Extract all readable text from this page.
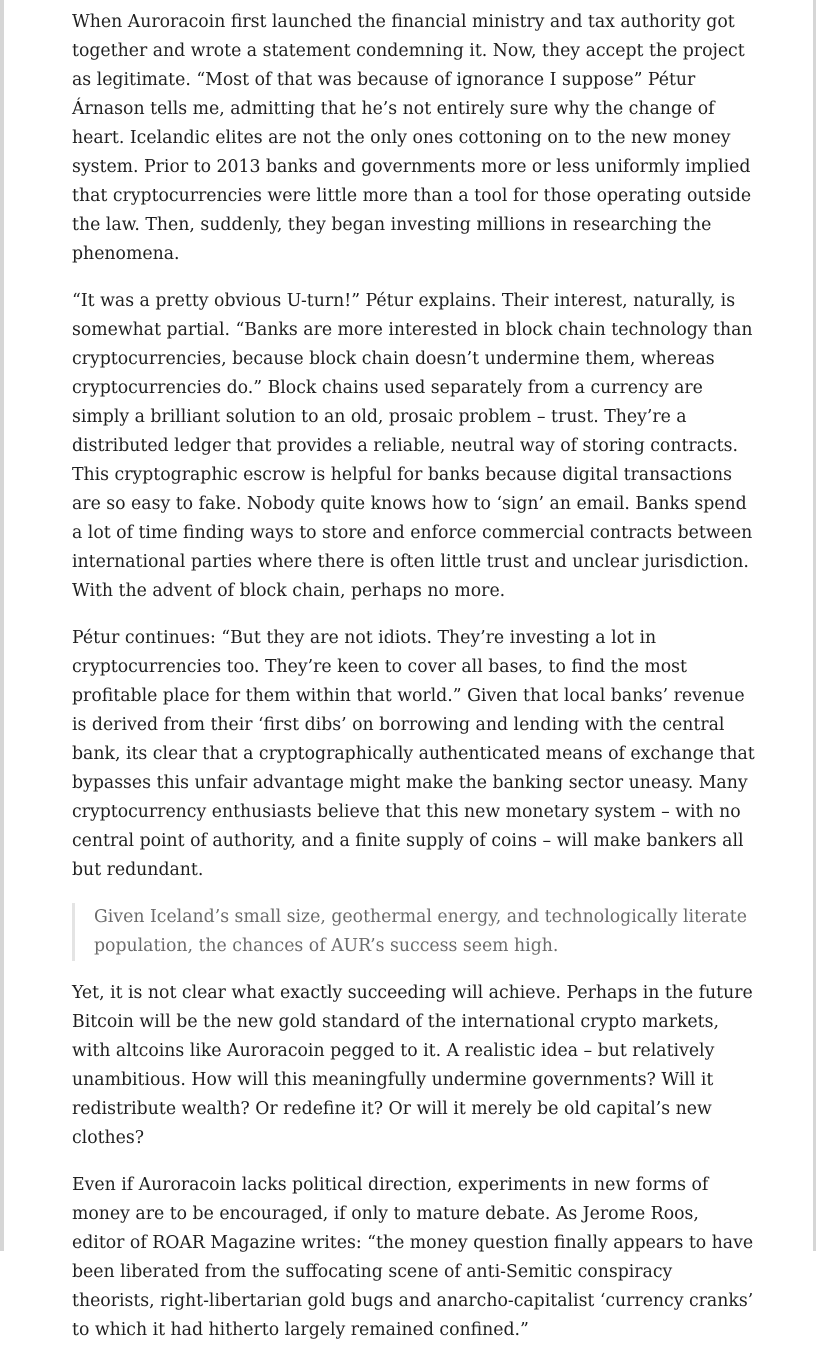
When Auroracoin first launched the financial ministry and tax authority got together and wrote a statement condemning it. Now, they accept the project as legitimate. “Most of that was because of ignorance I suppose” Pétur Árnason tells me, admitting that he’s not entirely sure why the change of heart. Icelandic elites are not the only ones cottoning on to the new money system. Prior to 2013 banks and governments more or less uniformly implied that cryptocurrencies were little more than a tool for those operating outside the law. Then, suddenly, they began investing millions in researching the phenomena.

“It was a pretty obvious U-turn!” Pétur explains. Their interest, naturally, is somewhat partial. “Banks are more interested in block chain technology than cryptocurrencies, because block chain doesn’t undermine them, whereas cryptocurrencies do.” Block chains used separately from a currency are simply a brilliant solution to an old, prosaic problem – trust. They’re a distributed ledger that provides a reliable, neutral way of storing contracts. This cryptographic escrow is helpful for banks because digital transactions are so easy to fake. Nobody quite knows how to ‘sign’ an email. Banks spend a lot of time finding ways to store and enforce commercial contracts between international parties where there is often little trust and unclear jurisdiction. With the advent of block chain, perhaps no more.

Pétur continues: “But they are not idiots. They’re investing a lot in cryptocurrencies too. They’re keen to cover all bases, to find the most profitable place for them within that world.” Given that local banks’ revenue is derived from their ‘first dibs’ on borrowing and lending with the central bank, its clear that a cryptographically authenticated means of exchange that bypasses this unfair advantage might make the banking sector uneasy. Many cryptocurrency enthusiasts believe that this new monetary system – with no central point of authority, and a finite supply of coins – will make bankers all but redundant.

Given Iceland’s small size, geothermal energy, and technologically literate population, the chances of AUR’s success seem high.

Yet, it is not clear what exactly succeeding will achieve. Perhaps in the future Bitcoin will be the new gold standard of the international crypto markets, with altcoins like Auroracoin pegged to it. A realistic idea – but relatively unambitious. How will this meaningfully undermine governments? Will it redistribute wealth? Or redefine it? Or will it merely be old capital’s new clothes?

Even if Auroracoin lacks political direction, experiments in new forms of money are to be encouraged, if only to mature debate. As Jerome Roos, editor of ROAR Magazine writes: “the money question finally appears to have been liberated from the suffocating scene of anti-Semitic conspiracy theorists, right-libertarian gold bugs and anarcho-capitalist ‘currency cranks’ to which it had hitherto largely remained confined.”
